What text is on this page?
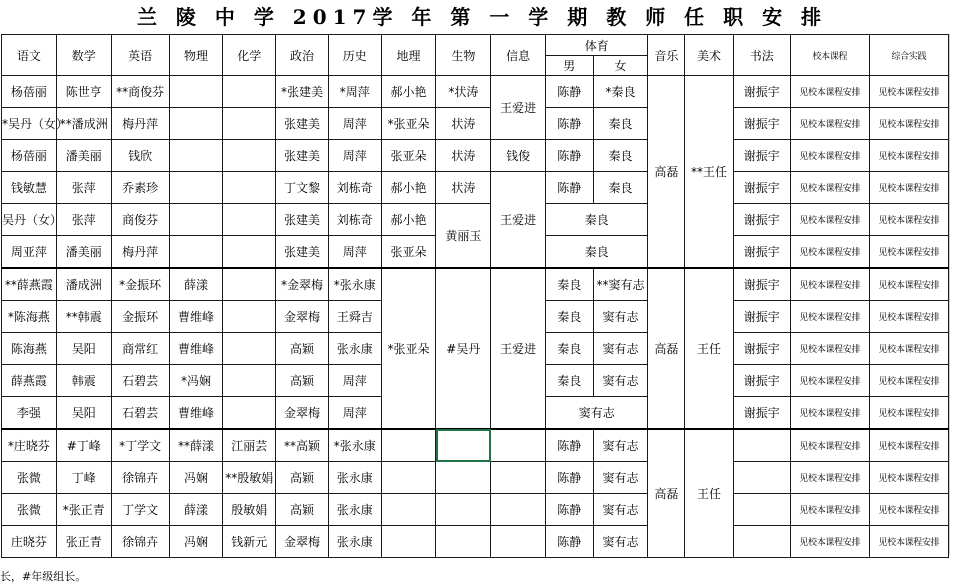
兰 陵 中 学 2017学 年 第 一 学 期 教 师 任 职 安 排
语文	数学	英语	物理	化学	政治	历史	地理	生物	信息	体育		音乐	美术	书法	校本课程	综合实践
										男	女					
杨蓓丽	陈世亨	**商俊芬			*张建美	*周萍	郝小艳	*状涛	王爱进	陈静	*秦良	高磊	**王任	谢振宇	见校本课程安排	见校本课程安排
*吴丹（女）	**潘成洲	梅丹萍			张建美	周萍	*张亚朵	状涛		陈静	秦良			谢振宇	见校本课程安排	见校本课程安排
杨蓓丽	潘美丽	钱欣			张建美	周萍	张亚朵	状涛	钱俊	陈静	秦良			谢振宇	见校本课程安排	见校本课程安排
钱敏慧	张萍	乔素珍			丁文黎	刘栋奇	郝小艳	状涛	王爱进	陈静	秦良			谢振宇	见校本课程安排	见校本课程安排
吴丹（女）	张萍	商俊芬			张建美	刘栋奇	郝小艳	黄丽玉		秦良				谢振宇	见校本课程安排	见校本课程安排
周亚萍	潘美丽	梅丹萍			张建美	周萍	张亚朵			秦良				谢振宇	见校本课程安排	见校本课程安排
**薛燕霞	潘成洲	*金振环	薛漾		*金翠梅	*张永康	*张亚朵	#吴丹	王爱进	秦良	**窦有志	高磊	王任	谢振宇	见校本课程安排	见校本课程安排
*陈海燕	**韩震	金振环	曹维峰		金翠梅	王舜吉				秦良	窦有志			谢振宇	见校本课程安排	见校本课程安排
陈海燕	吴阳	商常红	曹维峰		高颖	张永康				秦良	窦有志			谢振宇	见校本课程安排	见校本课程安排
薛燕霞	韩震	石碧芸	*冯娴		高颖	周萍				秦良	窦有志			谢振宇	见校本课程安排	见校本课程安排
李强	吴阳	石碧芸	曹维峰		金翠梅	周萍				窦有志				谢振宇	见校本课程安排	见校本课程安排
*庄晓芬	#丁峰	*丁学文	**薛漾	江丽芸	**高颖	*张永康				陈静	窦有志	高磊	王任		见校本课程安排	见校本课程安排
张微	丁峰	徐锦卉	冯娴	**殷敏娟	高颖	张永康				陈静	窦有志				见校本课程安排	见校本课程安排
张微	*张正青	丁学文	薛漾	殷敏娟	高颖	张永康				陈静	窦有志				见校本课程安排	见校本课程安排
庄晓芬	张正青	徐锦卉	冯娴	钱新元	金翠梅	张永康				陈静	窦有志				见校本课程安排	见校本课程安排
长，#年级组长。
